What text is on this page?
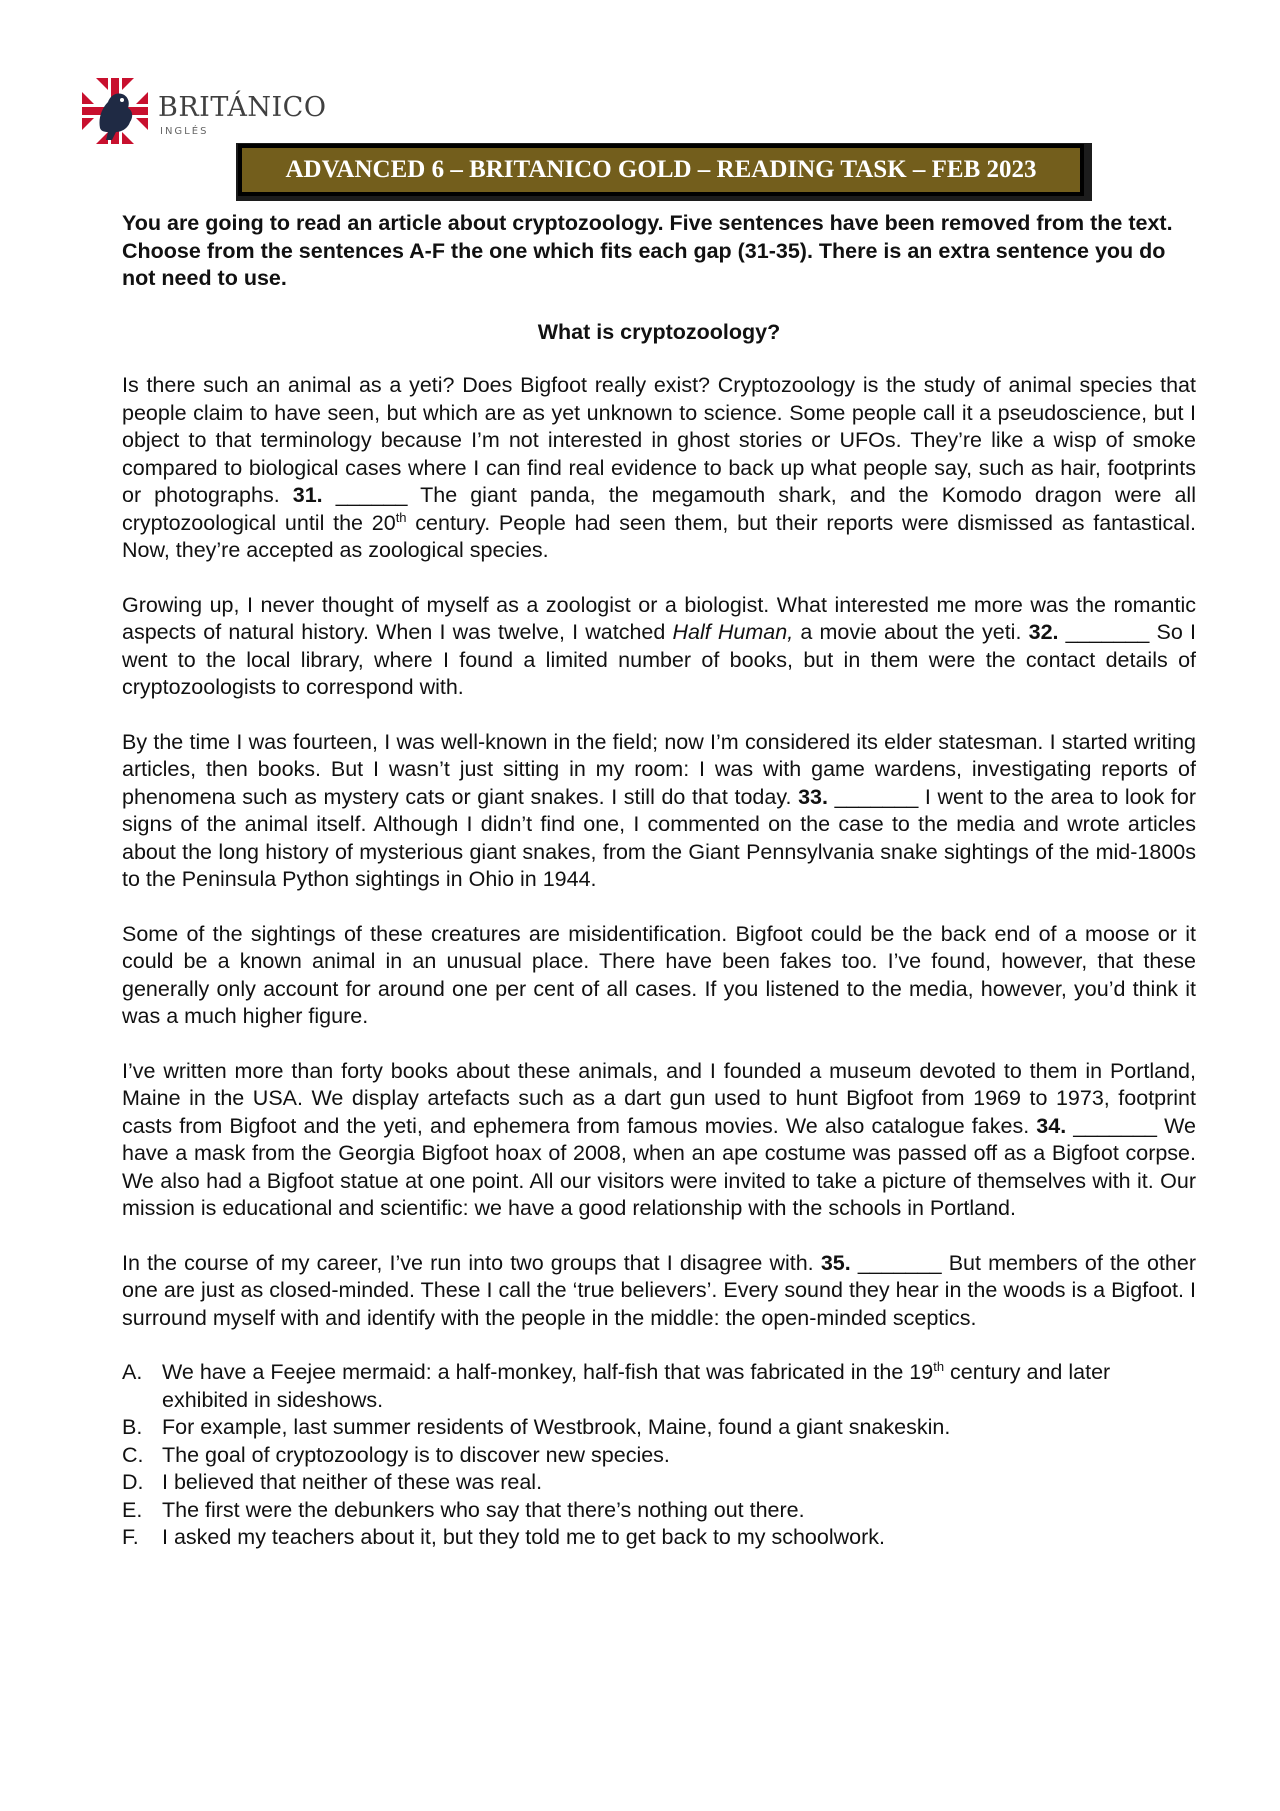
BRITÁNICO
INGLÉS
ADVANCED 6 – BRITANICO GOLD – READING TASK – FEB 2023

You are going to read an article about cryptozoology. Five sentences have been removed from the text. Choose from the sentences A-F the one which fits each gap (31-35). There is an extra sentence you do not need to use.

What is cryptozoology?

Is there such an animal as a yeti? Does Bigfoot really exist? Cryptozoology is the study of animal species that people claim to have seen, but which are as yet unknown to science. Some people call it a pseudoscience, but I object to that terminology because I’m not interested in ghost stories or UFOs. They’re like a wisp of smoke compared to biological cases where I can find real evidence to back up what people say, such as hair, footprints or photographs. 31. ______ The giant panda, the megamouth shark, and the Komodo dragon were all cryptozoological until the 20th century. People had seen them, but their reports were dismissed as fantastical. Now, they’re accepted as zoological species.

Growing up, I never thought of myself as a zoologist or a biologist. What interested me more was the romantic aspects of natural history. When I was twelve, I watched Half Human, a movie about the yeti. 32. _______ So I went to the local library, where I found a limited number of books, but in them were the contact details of cryptozoologists to correspond with.

By the time I was fourteen, I was well-known in the field; now I’m considered its elder statesman. I started writing articles, then books. But I wasn’t just sitting in my room: I was with game wardens, investigating reports of phenomena such as mystery cats or giant snakes. I still do that today. 33. _______ I went to the area to look for signs of the animal itself. Although I didn’t find one, I commented on the case to the media and wrote articles about the long history of mysterious giant snakes, from the Giant Pennsylvania snake sightings of the mid-1800s to the Peninsula Python sightings in Ohio in 1944.

Some of the sightings of these creatures are misidentification. Bigfoot could be the back end of a moose or it could be a known animal in an unusual place. There have been fakes too. I’ve found, however, that these generally only account for around one per cent of all cases. If you listened to the media, however, you’d think it was a much higher figure.

I’ve written more than forty books about these animals, and I founded a museum devoted to them in Portland, Maine in the USA. We display artefacts such as a dart gun used to hunt Bigfoot from 1969 to 1973, footprint casts from Bigfoot and the yeti, and ephemera from famous movies. We also catalogue fakes. 34. _______ We have a mask from the Georgia Bigfoot hoax of 2008, when an ape costume was passed off as a Bigfoot corpse. We also had a Bigfoot statue at one point. All our visitors were invited to take a picture of themselves with it. Our mission is educational and scientific: we have a good relationship with the schools in Portland.

In the course of my career, I’ve run into two groups that I disagree with. 35. _______ But members of the other one are just as closed-minded. These I call the ‘true believers’. Every sound they hear in the woods is a Bigfoot. I surround myself with and identify with the people in the middle: the open-minded sceptics.

A. We have a Feejee mermaid: a half-monkey, half-fish that was fabricated in the 19th century and later exhibited in sideshows.
B. For example, last summer residents of Westbrook, Maine, found a giant snakeskin.
C. The goal of cryptozoology is to discover new species.
D. I believed that neither of these was real.
E. The first were the debunkers who say that there’s nothing out there.
F. I asked my teachers about it, but they told me to get back to my schoolwork.
